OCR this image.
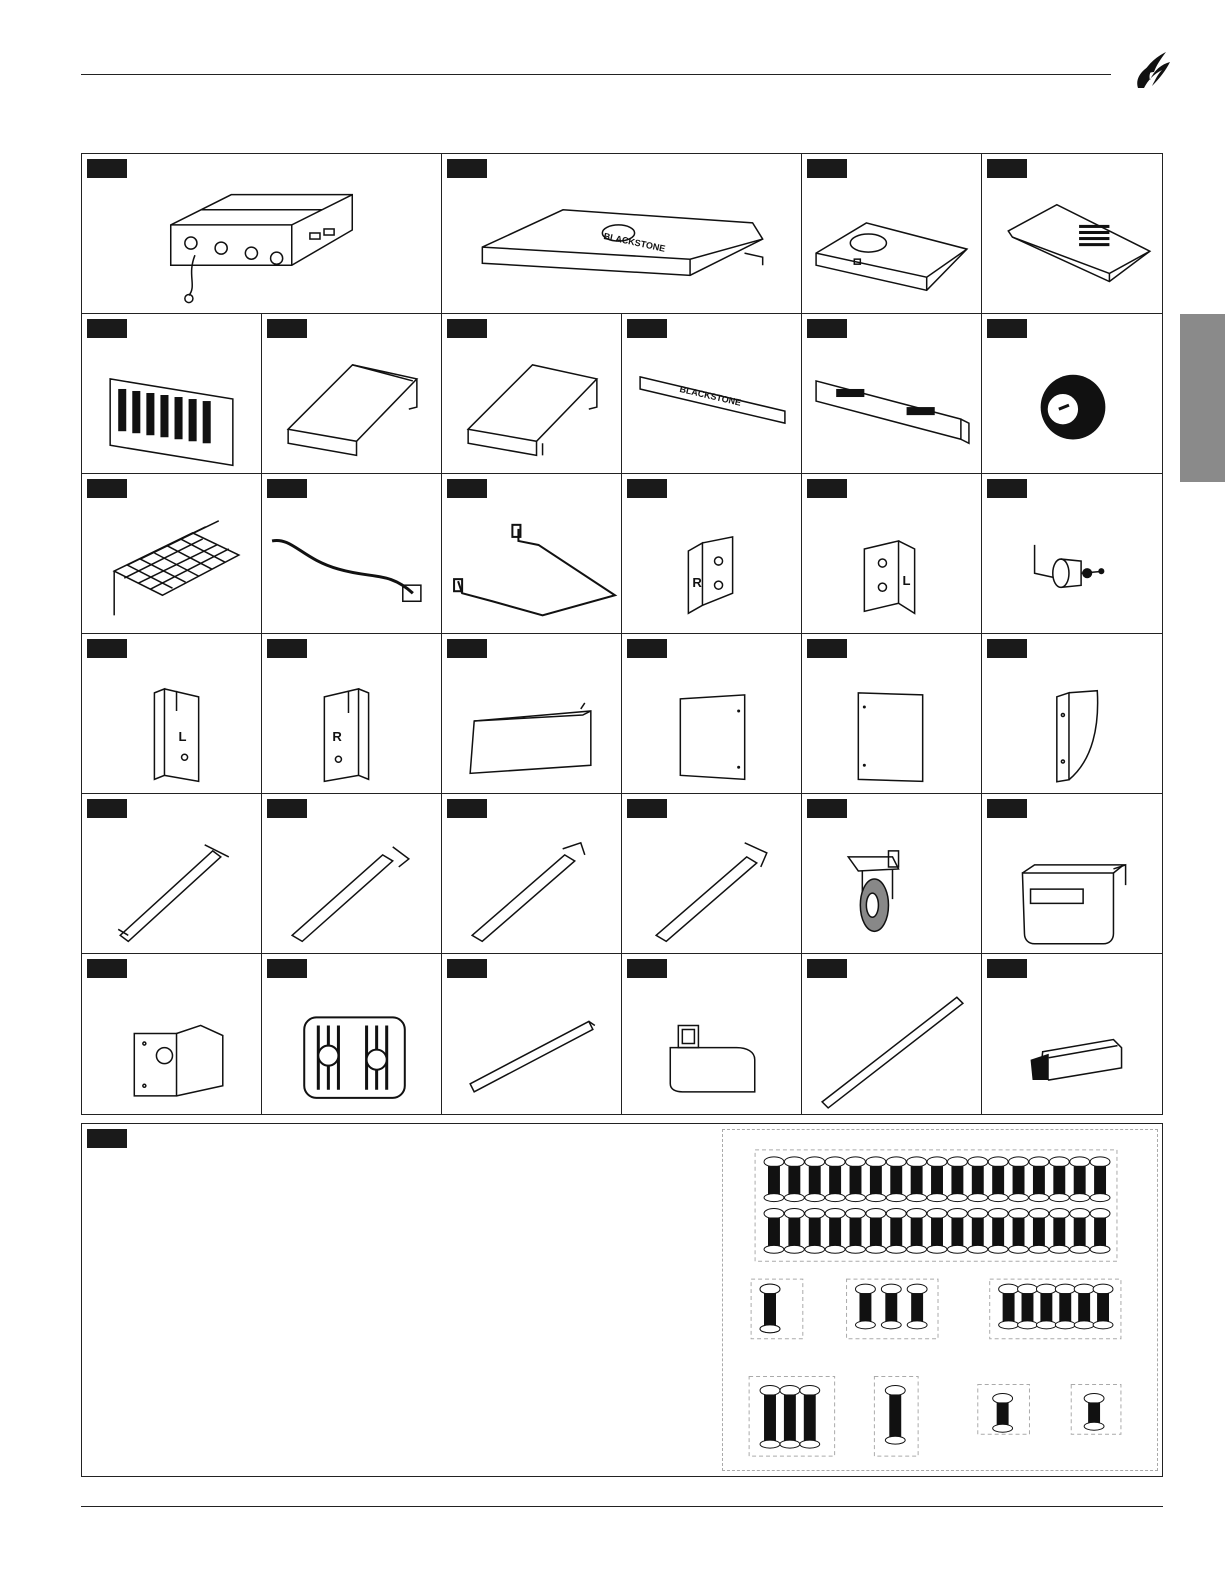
BLACKSTONE
BLACKSTONE
R	L
L	R
